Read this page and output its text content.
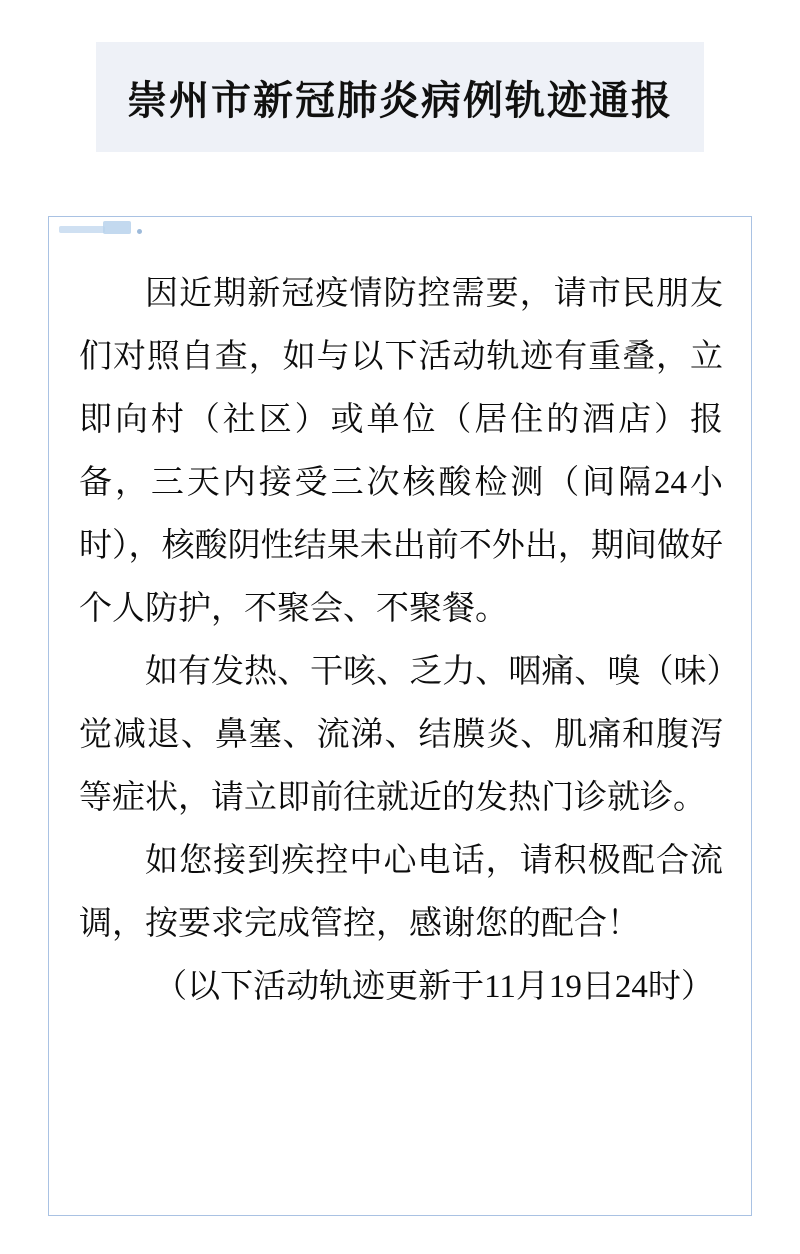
崇州市新冠肺炎病例轨迹通报

因近期新冠疫情防控需要，请市民朋友们对照自查，如与以下活动轨迹有重叠，立即向村（社区）或单位（居住的酒店）报备，三天内接受三次核酸检测（间隔24小时），核酸阴性结果未出前不外出，期间做好个人防护，不聚会、不聚餐。

如有发热、干咳、乏力、咽痛、嗅（味）觉减退、鼻塞、流涕、结膜炎、肌痛和腹泻等症状，请立即前往就近的发热门诊就诊。

如您接到疾控中心电话，请积极配合流调，按要求完成管控，感谢您的配合！

（以下活动轨迹更新于11月19日24时）
